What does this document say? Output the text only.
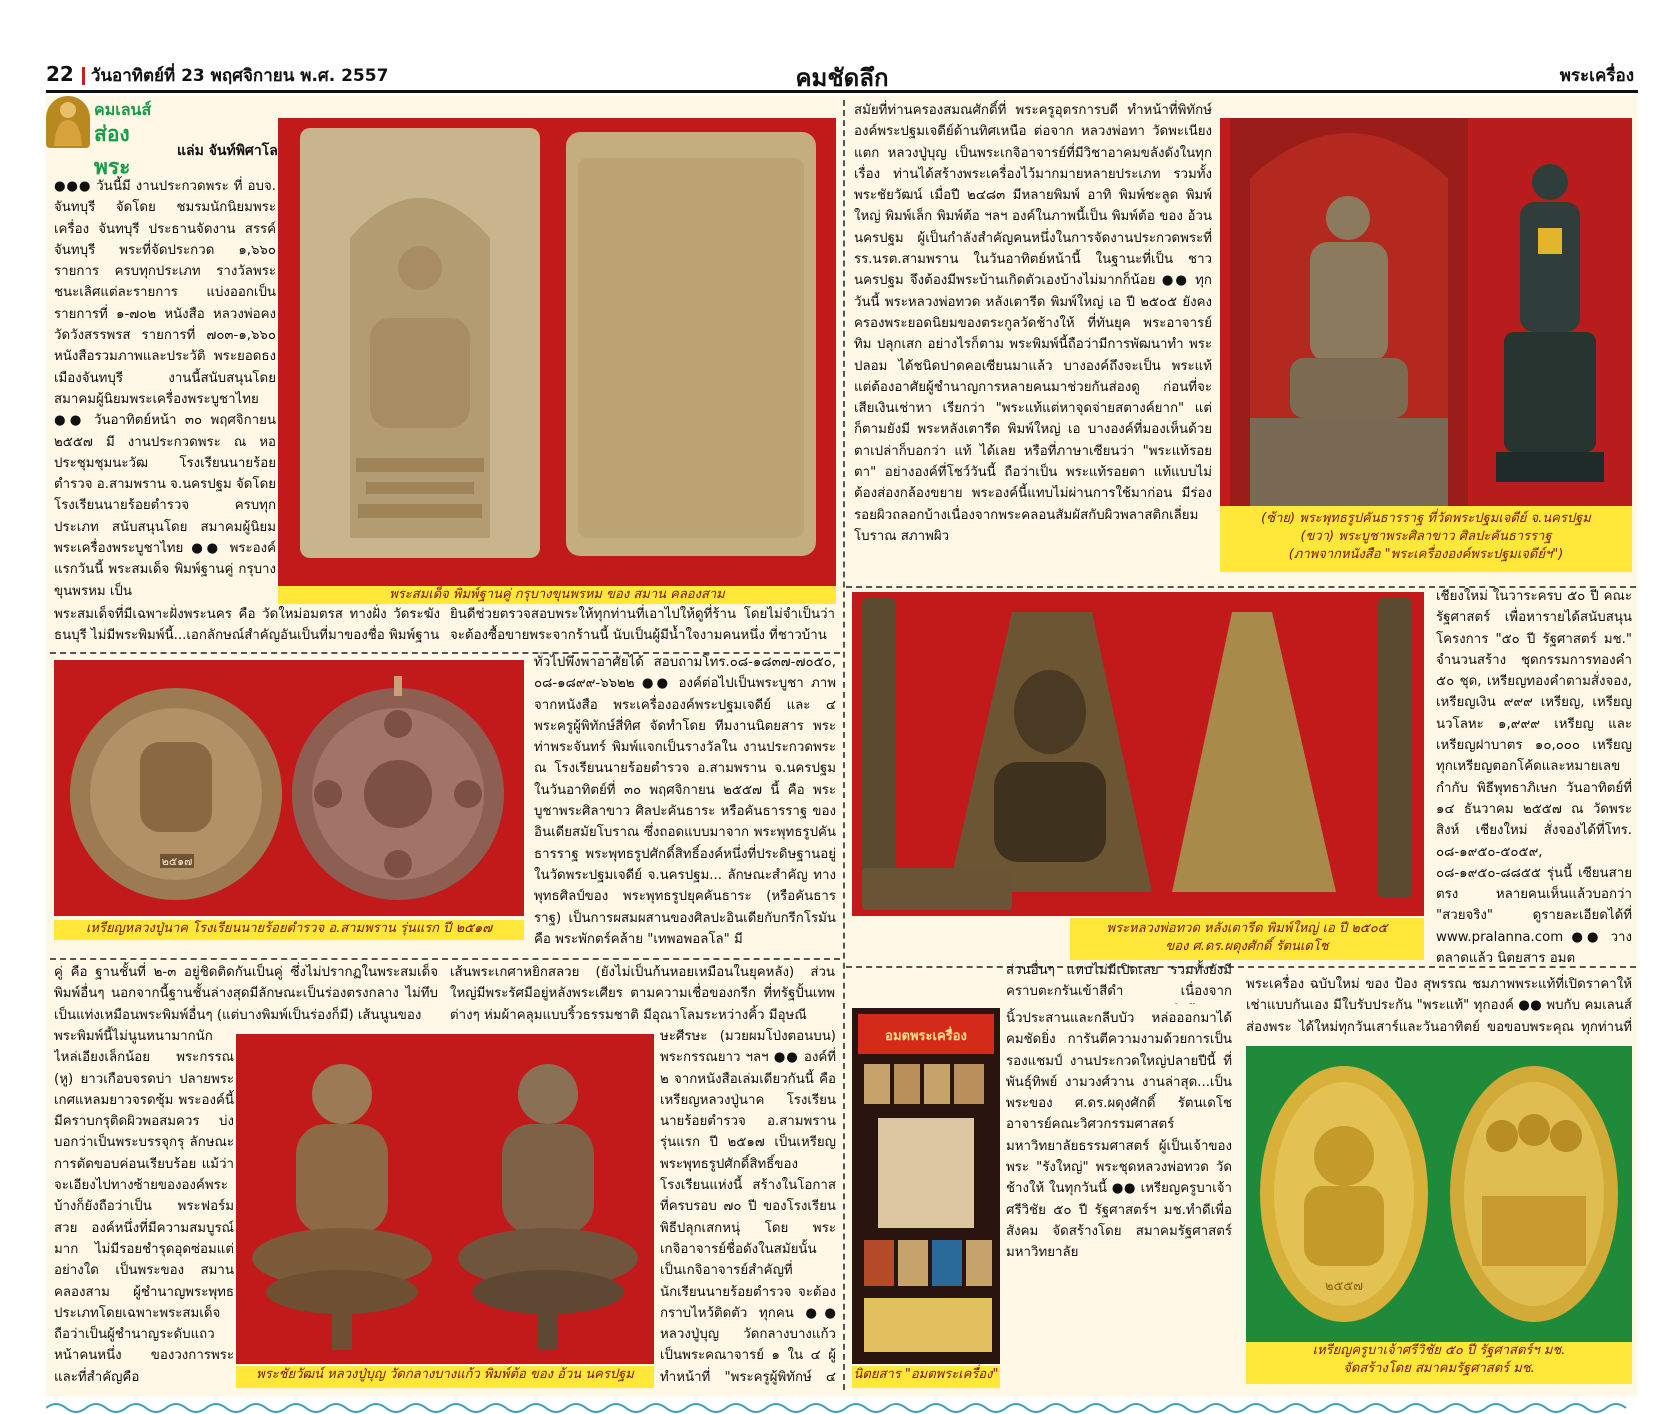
22 วันอาทิตย์ที่ 23 พฤศจิกายน พ.ศ. 2557	คมชัดลึก	พระเครื่อง
คมเลนส์
ส่องพระ
แล่ม จันท์พิศาโล

●●● วันนี้มี งานประกวดพระ ที่ อบจ. จันทบุรี จัดโดย ชมรมนักนิยมพระเครื่อง จันทบุรี ประธานจัดงาน สรรค์ จันทบุรี พระที่จัดประกวด ๑,๖๖๐ รายการ ครบทุกประเภท รางวัลพระชนะเลิศแต่ละรายการ แบ่งออกเป็นรายการที่ ๑-๗๐๒ หนังสือ หลวงพ่อคง วัดวังสรรพรส รายการที่ ๗๐๓-๑,๖๖๐ หนังสือรวมภาพและประวัติ พระยอดธงเมืองจันทบุรี งานนี้สนับสนุนโดย สมาคมผู้นิยมพระเครื่องพระบูชาไทย ●● วันอาทิตย์หน้า ๓๐ พฤศจิกายน ๒๕๕๗ มี งานประกวดพระ ณ หอประชุมชุมนะวัฒ โรงเรียนนายร้อยตำรวจ อ.สามพราน จ.นครปฐม จัดโดย โรงเรียนนายร้อยตำรวจ ครบทุกประเภท สนับสนุนโดย สมาคมผู้นิยมพระเครื่องพระบูชาไทย ●● พระองค์แรกวันนี้ พระสมเด็จ พิมพ์ฐานคู่ กรุบางขุนพรหม เป็น

พระสมเด็จที่มีเฉพาะฝั่งพระนคร คือ วัดใหม่อมตรส ทางฝั่ง วัดระฆัง ธนบุรี ไม่มีพระพิมพ์นี้...เอกลักษณ์สำคัญอันเป็นที่มาของชื่อ พิมพ์ฐาน

ยินดีช่วยตรวจสอบพระให้ทุกท่านที่เอาไปให้ดูที่ร้าน โดยไม่จำเป็นว่า จะต้องซื้อขายพระจากร้านนี้ นับเป็นผู้มีน้ำใจงามคนหนึ่ง ที่ชาวบ้าน

พระสมเด็จ พิมพ์ฐานคู่ กรุบางขุนพรหม ของ สมาน คลองสาม

สมัยที่ท่านครองสมณศักดิ์ที่ พระครูอุตรการบดี ทำหน้าที่พิทักษ์องค์พระปฐมเจดีย์ด้านทิศเหนือ ต่อจาก หลวงพ่อทา วัดพะเนียงแตก หลวงปู่บุญ เป็นพระเกจิอาจารย์ที่มีวิชาอาคมขลังดังในทุกเรื่อง ท่านได้สร้างพระเครื่องไว้มากมายหลายประเภท รวมทั้ง พระชัยวัฒน์ เมื่อปี ๒๔๘๓ มีหลายพิมพ์ อาทิ พิมพ์ชะลูด พิมพ์ใหญ่ พิมพ์เล็ก พิมพ์ต้อ ฯลฯ องค์ในภาพนี้เป็น พิมพ์ต้อ ของ อ้วน นครปฐม ผู้เป็นกำลังสำคัญคนหนึ่งในการจัดงานประกวดพระที่ รร.นรต.สามพราน ในวันอาทิตย์หน้านี้ ในฐานะที่เป็น ชาวนครปฐม จึงต้องมีพระบ้านเกิดตัวเองบ้างไม่มากก็น้อย ●● ทุกวันนี้ พระหลวงพ่อทวด หลังเตารีด พิมพ์ใหญ่ เอ ปี ๒๕๐๕ ยังคงครองพระยอดนิยมของตระกูลวัดช้างให้ ที่ทันยุค พระอาจารย์ทิม ปลุกเสก อย่างไรก็ตาม พระพิมพ์นี้ถือว่ามีการพัฒนาทำ พระปลอม ได้ชนิดปาดคอเซียนมาแล้ว บางองค์ถึงจะเป็น พระแท้ แต่ต้องอาศัยผู้ชำนาญการหลายคนมาช่วยกันส่องดู ก่อนที่จะเสียเงินเช่าหา เรียกว่า "พระแท้แต่หาจุดจ่ายสตางค์ยาก" แต่ก็ตามยังมี พระหลังเตารีด พิมพ์ใหญ่ เอ บางองค์ที่มองเห็นด้วยตาเปล่าก็บอกว่า แท้ ได้เลย หรือที่ภาษาเซียนว่า "พระแท้รอยตา" อย่างองค์ที่โชว์วันนี้ ถือว่าเป็น พระแท้รอยตา แท้แบบไม่ต้องส่องกล้องขยาย พระองค์นี้แทบไม่ผ่านการใช้มาก่อน มีร่องรอยผิวถลอกบ้างเนื่องจากพระคลอนสัมผัสกับผิวพลาสติกเลี่ยมโบราณ สภาพผิว

(ซ้าย) พระพุทธรูปคันธารราฐ ที่วัดพระปฐมเจดีย์ จ.นครปฐม
(ขวา) พระบูชาพระศิลาขาว ศิลปะคันธารราฐ
(ภาพจากหนังสือ "พระเครื่ององค์พระปฐมเจดีย์ฯ")
๒๕๑๗
เหรียญหลวงปู่นาค โรงเรียนนายร้อยตำรวจ อ.สามพราน รุ่นแรก ปี ๒๕๑๗

ทั่วไปพึ่งพาอาศัยได้ สอบถามโทร.๐๘-๑๘๓๗-๗๐๕๐, ๐๘-๑๘๙๙-๖๖๒๒ ●● องค์ต่อไปเป็นพระบูชา ภาพจากหนังสือ พระเครื่ององค์พระปฐมเจดีย์ และ ๔ พระครูผู้พิทักษ์สี่ทิศ จัดทำโดย ทีมงานนิตยสาร พระท่าพระจันทร์ พิมพ์แจกเป็นรางวัลใน งานประกวดพระ ณ โรงเรียนนายร้อยตำรวจ อ.สามพราน จ.นครปฐม ในวันอาทิตย์ที่ ๓๐ พฤศจิกายน ๒๕๕๗ นี้ คือ พระบูชาพระศิลาขาว ศิลปะคันธาระ หรือคันธารราฐ ของอินเดียสมัยโบราณ ซึ่งถอดแบบมาจาก พระพุทธรูปคันธารราฐ พระพุทธรูปศักดิ์สิทธิ์องค์หนึ่งที่ประดิษฐานอยู่ในวัดพระปฐมเจดีย์ จ.นครปฐม... ลักษณะสำคัญ ทางพุทธศิลป์ของ พระพุทธรูปยุคคันธาระ (หรือคันธารราฐ) เป็นการผสมผสานของศิลปะอินเดียกับกรีกโรมัน คือ พระพักตร์คล้าย "เทพอพอลโล" มี

คู่ คือ ฐานชั้นที่ ๒-๓ อยู่ชิดติดกันเป็นคู่ ซึ่งไม่ปรากฏในพระสมเด็จพิมพ์อื่นๆ นอกจากนี้ฐานชั้นล่างสุดมีลักษณะเป็นร่องตรงกลาง ไม่ทึบเป็นแท่งเหมือนพระพิมพ์อื่นๆ (แต่บางพิมพ์เป็นร่องก็มี) เส้นนูนของ

เส้นพระเกศาหยิกสลวย (ยังไม่เป็นก้นหอยเหมือนในยุคหลัง) ส่วนใหญ่มีพระรัศมีอยู่หลังพระเศียร ตามความเชื่อของกรีก ที่ทรัฐปั้นเทพต่างๆ ห่มผ้าคลุมแบบริ้วธรรมชาติ มีอุณาโลมระหว่างคิ้ว มีอุษณี

พระหลวงพ่อทวด หลังเตารีด พิมพ์ใหญ่ เอ ปี ๒๕๐๕
ของ ศ.ดร.ผดุงศักดิ์ รัตนเดโช

เชียงใหม่ ในวาระครบ ๕๐ ปี คณะรัฐศาสตร์ เพื่อหารายได้สนับสนุนโครงการ "๕๐ ปี รัฐศาสตร์ มช." จำนวนสร้าง ชุดกรรมการทองคำ ๕๐ ชุด, เหรียญทองคำตามสั่งจอง, เหรียญเงิน ๙๙๙ เหรียญ, เหรียญนวโลหะ ๑,๙๙๙ เหรียญ และเหรียญฝาบาตร ๑๐,๐๐๐ เหรียญ ทุกเหรียญตอกโค้ดและหมายเลขกำกับ พิธีพุทธาภิเษก วันอาทิตย์ที่ ๑๔ ธันวาคม ๒๕๕๗ ณ วัดพระสิงห์ เชียงใหม่ สั่งจองได้ที่โทร. ๐๘-๑๙๕๐-๕๐๕๙, ๐๘-๑๙๕๐-๘๘๕๕ รุ่นนี้ เซียนสายตรง หลายคนเห็นแล้วบอกว่า "สวยจริง" ดูรายละเอียดได้ที่ www.pralanna.com ●● วางตลาดแล้ว นิตยสาร อมต

ส่วนอื่นๆ แทบไม่มีเปิดเลย รวมทั้งยังมีคราบตะกรันเข้าสีดำ เนื่องจาก พระเครื่อง ฉบับใหม่ ของ ป้อง สุพรรณ ชมภาพพระแท้ที่เปิดราคาให้เช่าแบบกันเอง มีใบรับประกัน "พระแท้" ทุกองค์ ●● พบกับ คมเลนส์ส่องพระ ได้ใหม่ทุกวันเสาร์และวันอาทิตย์ ขอขอบพระคุณ ทุกท่านที่

พระพิมพ์นี้ไม่นูนหนามากนัก ไหล่เอียงเล็กน้อย พระกรรณ (หู) ยาวเกือบจรดบ่า ปลายพระเกศแหลมยาวจรดซุ้ม พระองค์นี้มีคราบกรุติดผิวพอสมควร บ่งบอกว่าเป็นพระบรรจุกรุ ลักษณะการตัดขอบค่อนเรียบร้อย แม้ว่าจะเอียงไปทางซ้ายขององค์พระบ้างก็ยังถือว่าเป็น พระฟอร์มสวย องค์หนึ่งที่มีความสมบูรณ์มาก ไม่มีรอยชำรุดอุดซ่อมแต่อย่างใด เป็นพระของ สมาน คลองสาม ผู้ชำนาญพระพุทธประเภทโดยเฉพาะพระสมเด็จถือว่าเป็นผู้ชำนาญระดับแถวหน้าคนหนึ่ง ของวงการพระ และที่สำคัญคือ	พระชัยวัฒน์ หลวงปู่บุญ วัดกลางบางแก้ว พิมพ์ต้อ ของ อ้วน นครปฐม

ษะศีรษะ (มวยผมโป่งตอนบน) พระกรรณยาว ฯลฯ ●● องค์ที่ ๒ จากหนังสือเล่มเดียวกันนี้ คือ เหรียญหลวงปู่นาค โรงเรียนนายร้อยตำรวจ อ.สามพราน รุ่นแรก ปี ๒๕๑๗ เป็นเหรียญพระพุทธรูปศักดิ์สิทธิ์ของโรงเรียนแห่งนี้ สร้างในโอกาสที่ครบรอบ ๗๐ ปี ของโรงเรียน พิธีปลุกเสกหนุ่ โดย พระเกจิอาจารย์ชื่อดังในสมัยนั้น เป็นเกจิอาจารย์สำคัญที่นักเรียนนายร้อยตำรวจ จะต้องกราบไหว้ติดตัว ทุกคน ●● หลวงปู่บุญ วัดกลางบางแก้ว เป็นพระคณาจารย์ ๑ ใน ๔ ผู้ทำหน้าที่ "พระครูผู้พิทักษ์ ๔

อมตพระเครื่อง
นิตยสาร "อมตพระเครื่อง"

นิ้วประสานและกลีบบัว หล่อออกมาได้คมชัดยิ่ง การันตีความงามด้วยการเป็นรองแชมป์ งานประกวดใหญ่ปลายปีนี้ ที่พันธุ์ทิพย์ งามวงศ์วาน งานล่าสุด...เป็นพระของ ศ.ดร.ผดุงศักดิ์ รัตนเดโช อาจารย์คณะวิศวกรรมศาสตร์ มหาวิทยาลัยธรรมศาสตร์ ผู้เป็นเจ้าของพระ "รังใหญ่" พระชุดหลวงพ่อทวด วัดช้างให้ ในทุกวันนี้ ●● เหรียญครูบาเจ้าศรีวิชัย ๕๐ ปี รัฐศาสตร์ฯ มช.ทำดีเพื่อสังคม จัดสร้างโดย สมาคมรัฐศาสตร์ มหาวิทยาลัย

๒๕๕๗
เหรียญครูบาเจ้าศรีวิชัย ๕๐ ปี รัฐศาสตร์ฯ มช.
จัดสร้างโดย สมาคมรัฐศาสตร์ มช.
